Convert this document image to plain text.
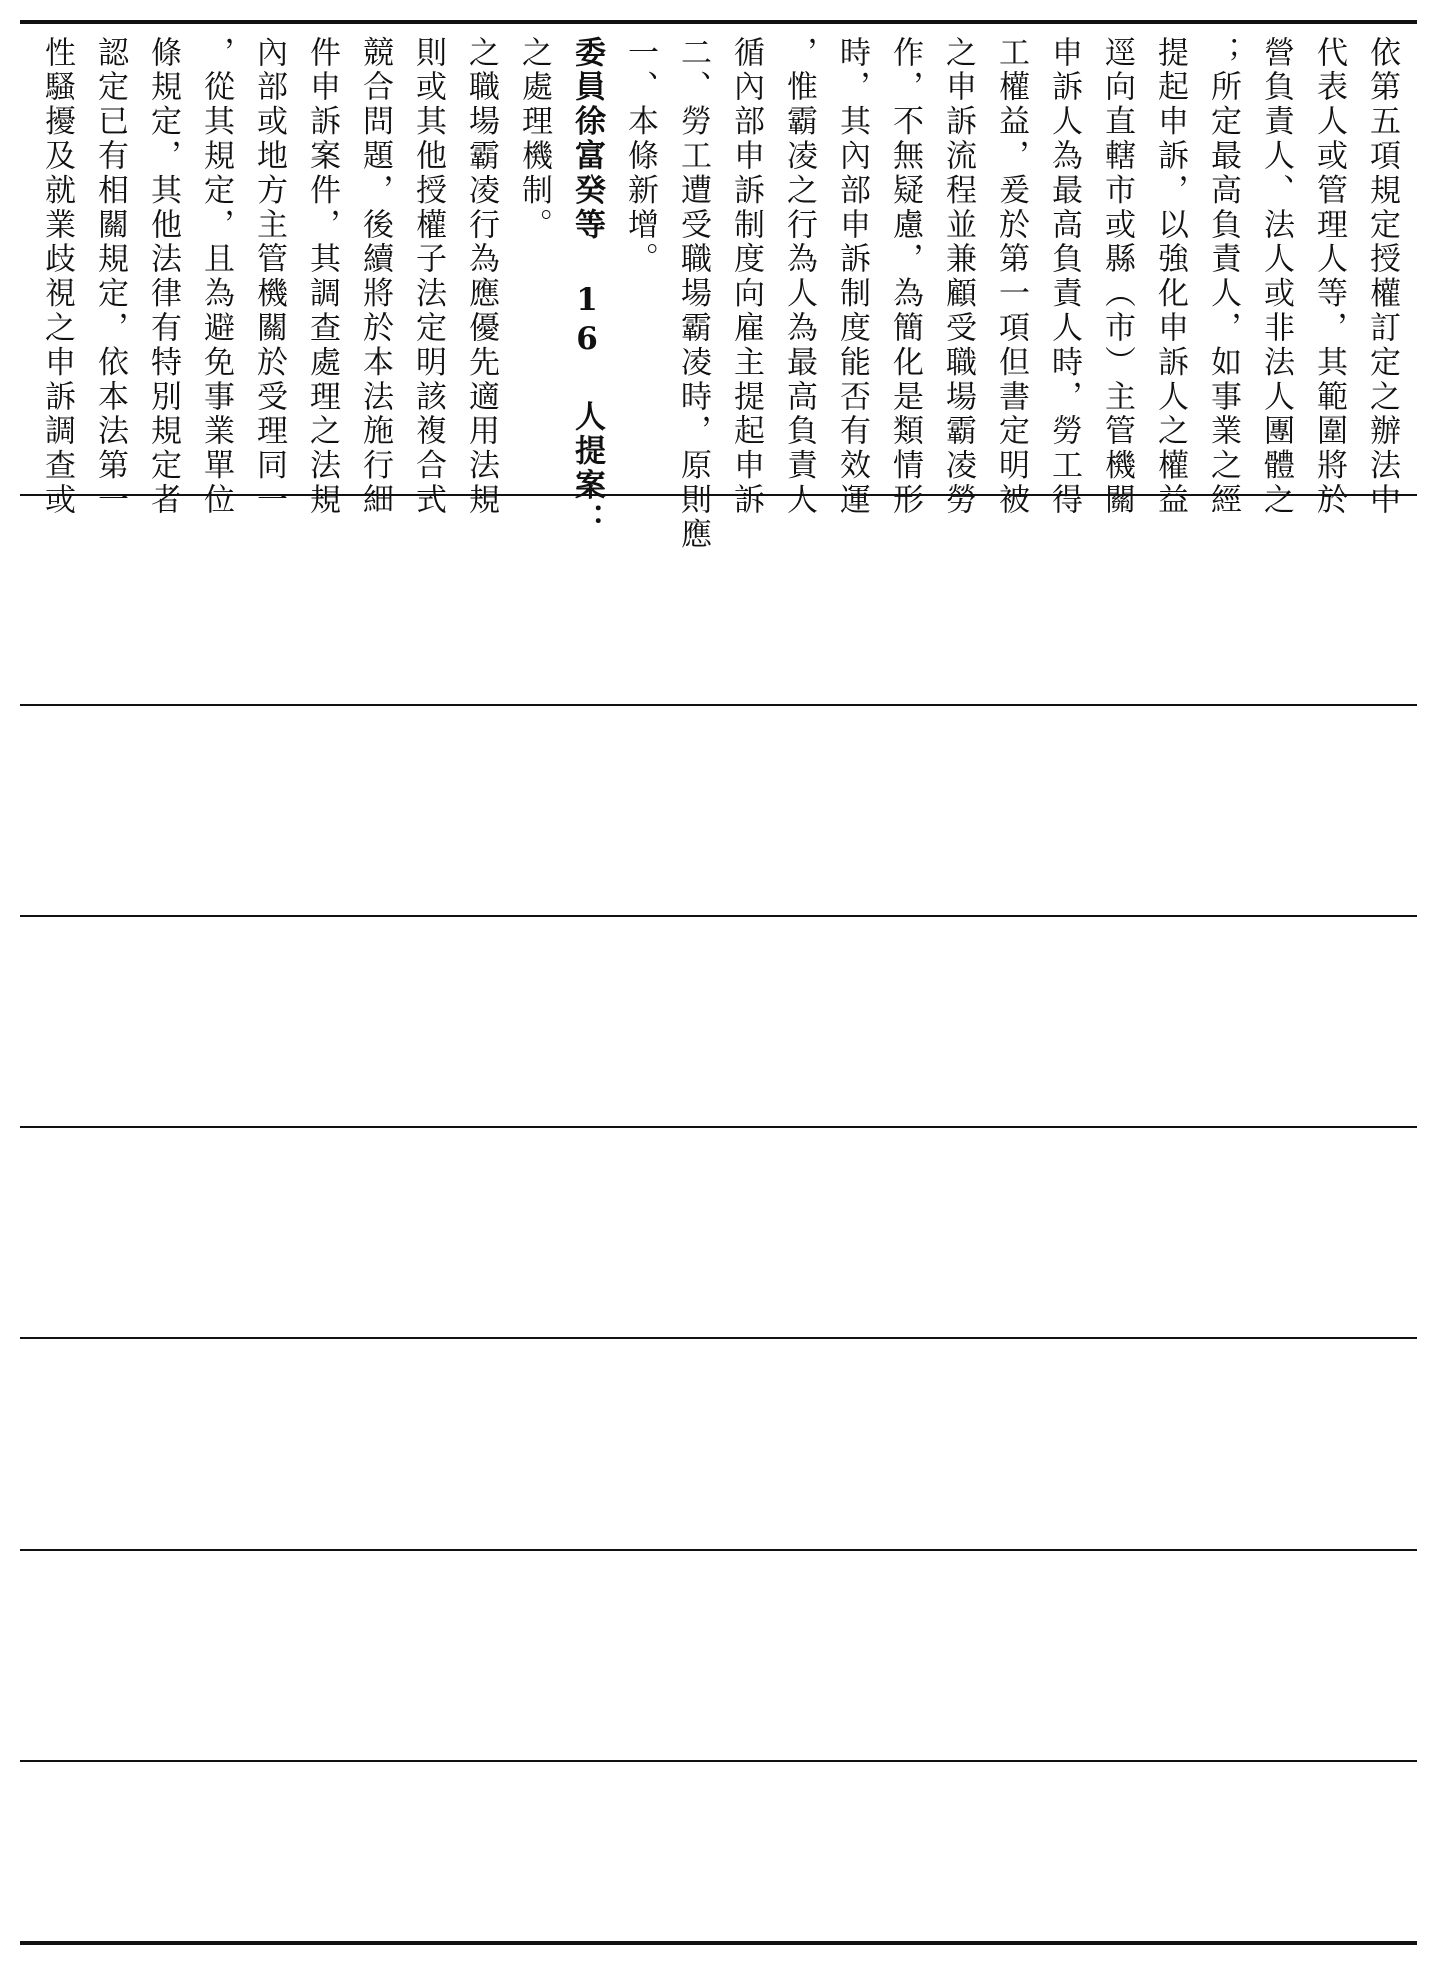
性騷擾及就業歧視之申訴調查或 認定已有相關規定，依本法第一 條規定，其他法律有特別規定者 ，從其規定，且為避免事業單位 內部或地方主管機關於受理同一 件申訴案件，其調查處理之法規 競合問題，後續將於本法施行細 則或其他授權子法定明該複合式 之職場霸凌行為應優先適用法規 之處理機制。 委員徐富癸等 16 人提案： 一、本條新增。 二、勞工遭受職場霸凌時，原則應 循內部申訴制度向雇主提起申訴 ，惟霸凌之行為人為最高負責人 時，其內部申訴制度能否有效運 作，不無疑慮，為簡化是類情形 之申訴流程並兼顧受職場霸凌勞 工權益，爰於第一項但書定明被 申訴人為最高負責人時，勞工得 逕向直轄市或縣（市）主管機關 提起申訴，以強化申訴人之權益 ；所定最高負責人，如事業之經 營負責人、法人或非法人團體之 代表人或管理人等，其範圍將於 依第五項規定授權訂定之辦法中
